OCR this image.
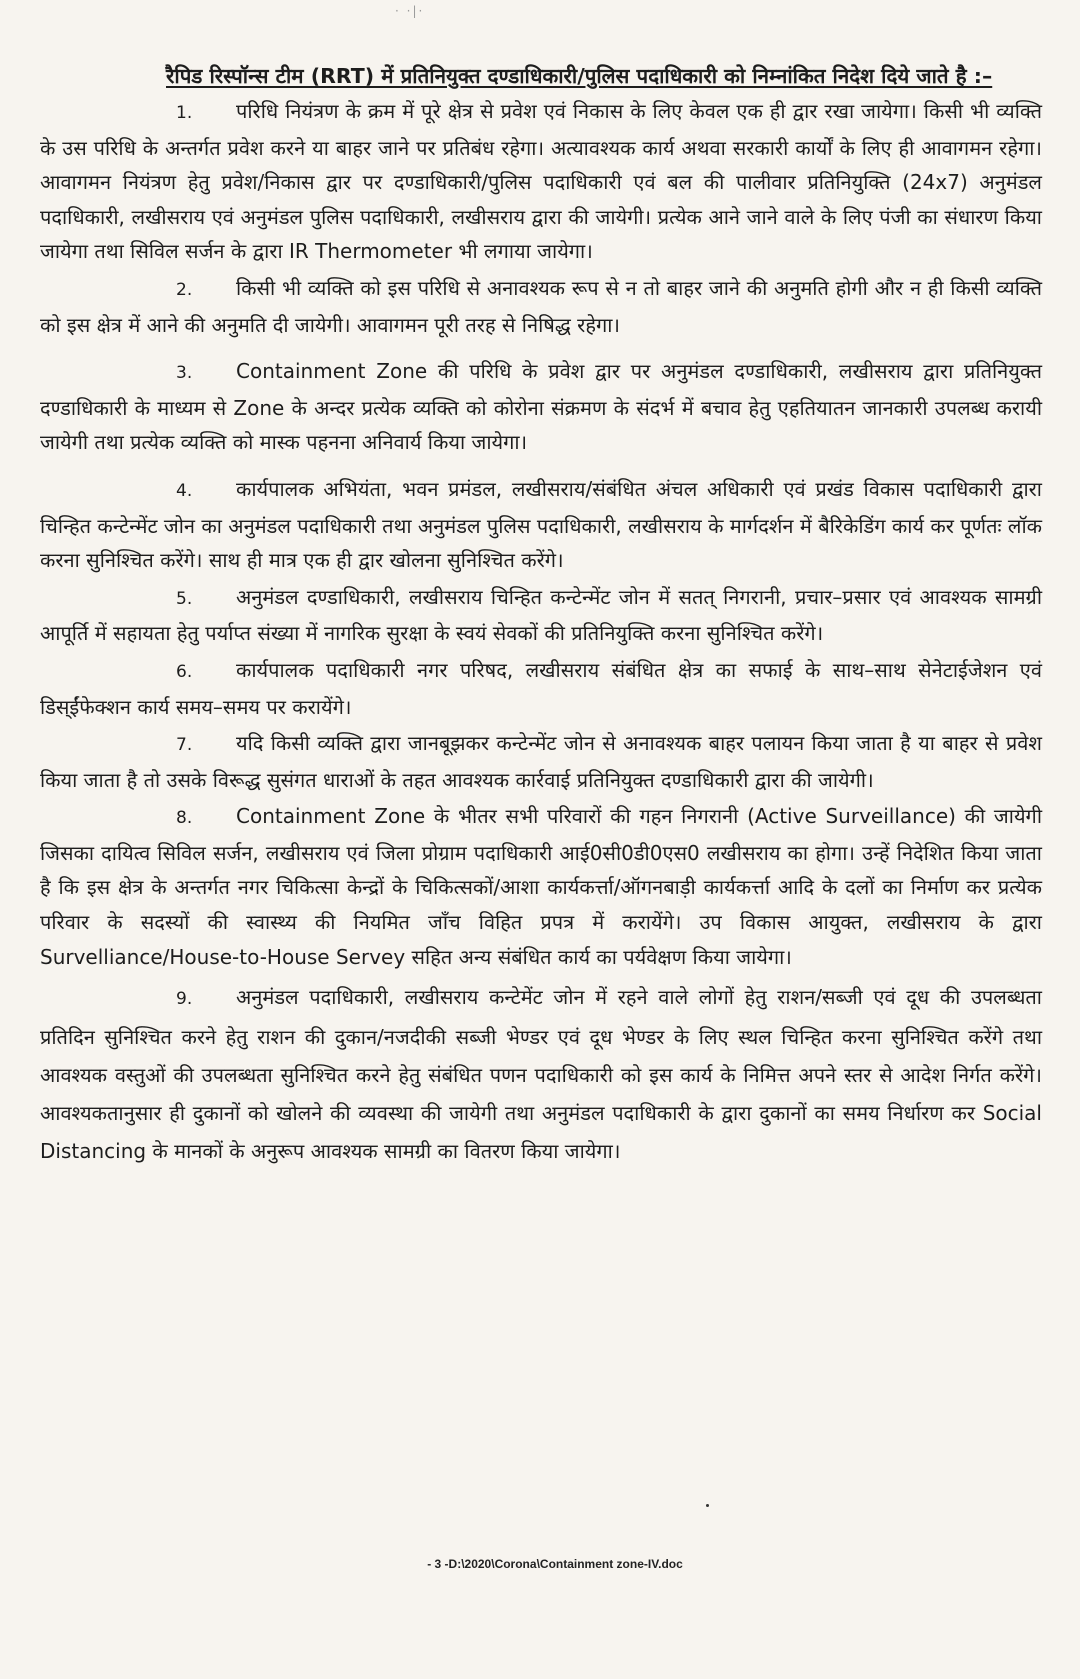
· ·|·
रैपिड रिस्पॉन्स टीम (RRT) में प्रतिनियुक्त दण्डाधिकारी/पुलिस पदाधिकारी को निम्नांकित निदेश दिये जाते है :–
1. परिधि नियंत्रण के क्रम में पूरे क्षेत्र से प्रवेश एवं निकास के लिए केवल एक ही द्वार रखा जायेगा। किसी भी व्यक्ति के उस परिधि के अन्तर्गत प्रवेश करने या बाहर जाने पर प्रतिबंध रहेगा। अत्यावश्यक कार्य अथवा सरकारी कार्यों के लिए ही आवागमन रहेगा। आवागमन नियंत्रण हेतु प्रवेश/निकास द्वार पर दण्डाधिकारी/पुलिस पदाधिकारी एवं बल की पालीवार प्रतिनियुक्ति (24x7) अनुमंडल पदाधिकारी, लखीसराय एवं अनुमंडल पुलिस पदाधिकारी, लखीसराय द्वारा की जायेगी। प्रत्येक आने जाने वाले के लिए पंजी का संधारण किया जायेगा तथा सिविल सर्जन के द्वारा IR Thermometer भी लगाया जायेगा।
2. किसी भी व्यक्ति को इस परिधि से अनावश्यक रूप से न तो बाहर जाने की अनुमति होगी और न ही किसी व्यक्ति को इस क्षेत्र में आने की अनुमति दी जायेगी। आवागमन पूरी तरह से निषिद्ध रहेगा।
3. Containment Zone की परिधि के प्रवेश द्वार पर अनुमंडल दण्डाधिकारी, लखीसराय द्वारा प्रतिनियुक्त दण्डाधिकारी के माध्यम से Zone के अन्दर प्रत्येक व्यक्ति को कोरोना संक्रमण के संदर्भ में बचाव हेतु एहतियातन जानकारी उपलब्ध करायी जायेगी तथा प्रत्येक व्यक्ति को मास्क पहनना अनिवार्य किया जायेगा।
4. कार्यपालक अभियंता, भवन प्रमंडल, लखीसराय/संबंधित अंचल अधिकारी एवं प्रखंड विकास पदाधिकारी द्वारा चिन्हित कन्टेन्मेंट जोन का अनुमंडल पदाधिकारी तथा अनुमंडल पुलिस पदाधिकारी, लखीसराय के मार्गदर्शन में बैरिकेडिंग कार्य कर पूर्णतः लॉक करना सुनिश्चित करेंगे। साथ ही मात्र एक ही द्वार खोलना सुनिश्चित करेंगे।
5. अनुमंडल दण्डाधिकारी, लखीसराय चिन्हित कन्टेन्मेंट जोन में सतत् निगरानी, प्रचार–प्रसार एवं आवश्यक सामग्री आपूर्ति में सहायता हेतु पर्याप्त संख्या में नागरिक सुरक्षा के स्वयं सेवकों की प्रतिनियुक्ति करना सुनिश्चित करेंगे।
6. कार्यपालक पदाधिकारी नगर परिषद, लखीसराय संबंधित क्षेत्र का सफाई के साथ–साथ सेनेटाईजेशन एवं डिस्ईंफेक्शन कार्य समय–समय पर करायेंगे।
7. यदि किसी व्यक्ति द्वारा जानबूझकर कन्टेन्मेंट जोन से अनावश्यक बाहर पलायन किया जाता है या बाहर से प्रवेश किया जाता है तो उसके विरूद्ध सुसंगत धाराओं के तहत आवश्यक कार्रवाई प्रतिनियुक्त दण्डाधिकारी द्वारा की जायेगी।
8. Containment Zone के भीतर सभी परिवारों की गहन निगरानी (Active Surveillance) की जायेगी जिसका दायित्व सिविल सर्जन, लखीसराय एवं जिला प्रोग्राम पदाधिकारी आई0सी0डी0एस0 लखीसराय का होगा। उन्हें निदेशित किया जाता है कि इस क्षेत्र के अन्तर्गत नगर चिकित्सा केन्द्रों के चिकित्सकों/आशा कार्यकर्त्ता/ऑगनबाड़ी कार्यकर्त्ता आदि के दलों का निर्माण कर प्रत्येक परिवार के सदस्यों की स्वास्थ्य की नियमित जाँच विहित प्रपत्र में करायेंगे। उप विकास आयुक्त, लखीसराय के द्वारा Survelliance/House-to-House Servey सहित अन्य संबंधित कार्य का पर्यवेक्षण किया जायेगा।
9. अनुमंडल पदाधिकारी, लखीसराय कन्टेमेंट जोन में रहने वाले लोगों हेतु राशन/सब्जी एवं दूध की उपलब्धता प्रतिदिन सुनिश्चित करने हेतु राशन की दुकान/नजदीकी सब्जी भेण्डर एवं दूध भेण्डर के लिए स्थल चिन्हित करना सुनिश्चित करेंगे तथा आवश्यक वस्तुओं की उपलब्धता सुनिश्चित करने हेतु संबंधित पणन पदाधिकारी को इस कार्य के निमित्त अपने स्तर से आदेश निर्गत करेंगे। आवश्यकतानुसार ही दुकानों को खोलने की व्यवस्था की जायेगी तथा अनुमंडल पदाधिकारी के द्वारा दुकानों का समय निर्धारण कर Social Distancing के मानकों के अनुरूप आवश्यक सामग्री का वितरण किया जायेगा।
- 3 -D:\2020\Corona\Containment zone-IV.doc
